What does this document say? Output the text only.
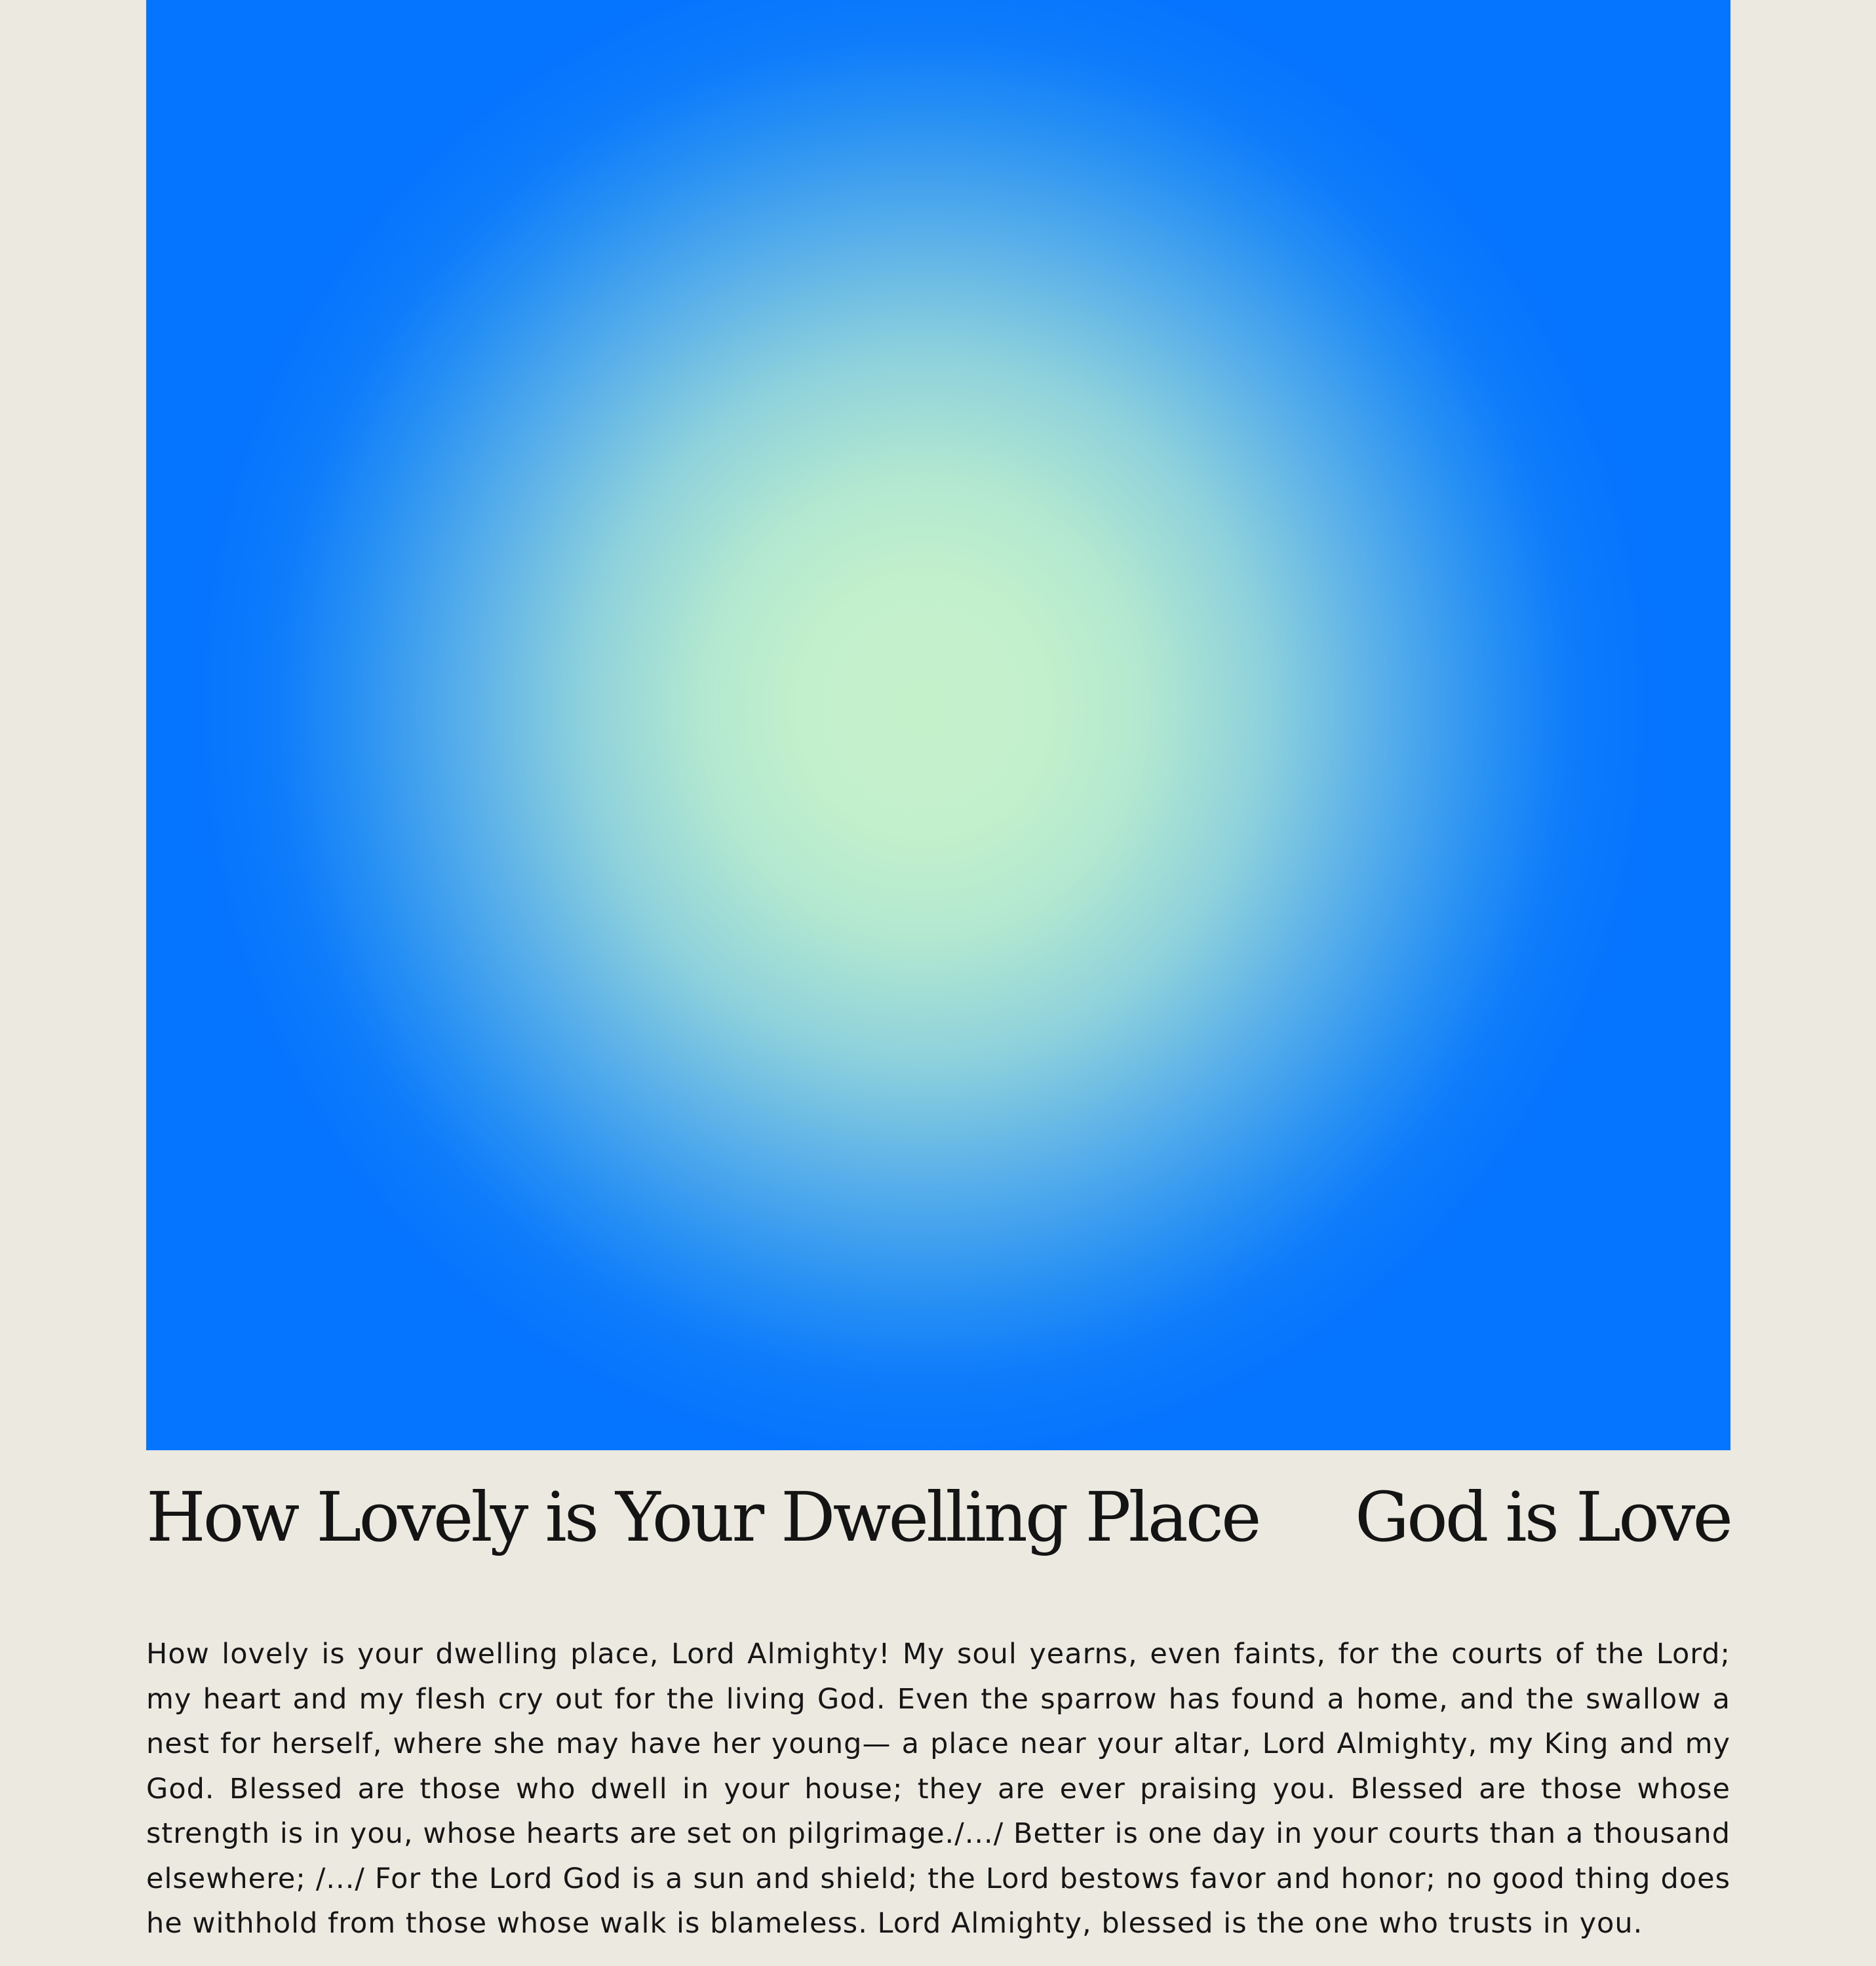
How Lovely is Your Dwelling Place God is Love
How lovely is your dwelling place, Lord Almighty! My soul yearns, even faints, for the courts of the Lord; my heart and my flesh cry out for the living God. Even the sparrow has found a home, and the swallow a nest for herself, where she may have her young— a place near your altar, Lord Almighty, my King and my God. Blessed are those who dwell in your house; they are ever praising you. Blessed are those whose strength is in you, whose hearts are set on pilgrimage./.../ Better is one day in your courts than a thousand elsewhere; /.../ For the Lord God is a sun and shield; the Lord bestows favor and honor; no good thing does he withhold from those whose walk is blameless. Lord Almighty, blessed is the one who trusts in you.
